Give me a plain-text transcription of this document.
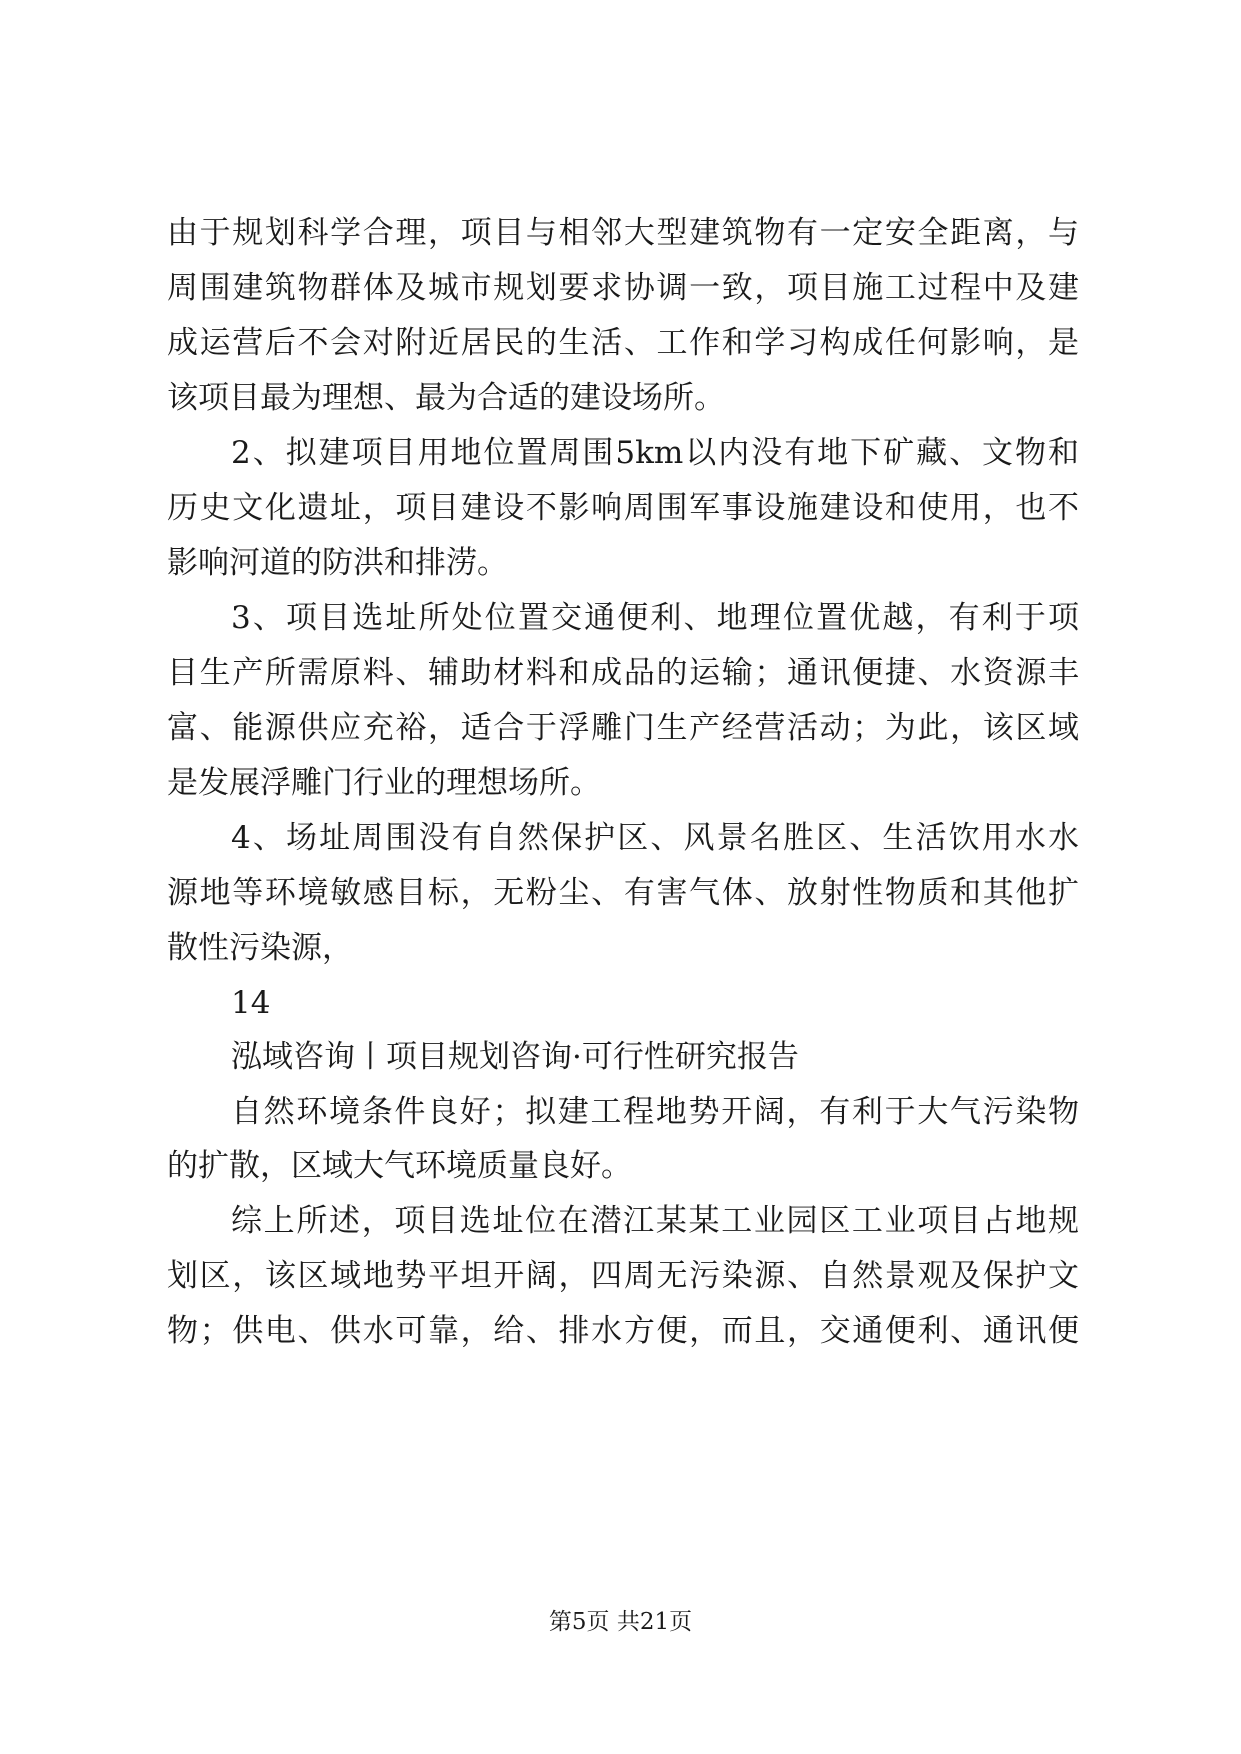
由于规划科学合理，项目与相邻大型建筑物有一定安全距离，与
周围建筑物群体及城市规划要求协调一致，项目施工过程中及建
成运营后不会对附近居民的生活、工作和学习构成任何影响，是
该项目最为理想、最为合适的建设场所。
2、拟建项目用地位置周围5km以内没有地下矿藏、文物和
历史文化遗址，项目建设不影响周围军事设施建设和使用，也不
影响河道的防洪和排涝。
3、项目选址所处位置交通便利、地理位置优越，有利于项
目生产所需原料、辅助材料和成品的运输；通讯便捷、水资源丰
富、能源供应充裕，适合于浮雕门生产经营活动；为此，该区域
是发展浮雕门行业的理想场所。
4、场址周围没有自然保护区、风景名胜区、生活饮用水水
源地等环境敏感目标，无粉尘、有害气体、放射性物质和其他扩
散性污染源，
14
泓域咨询丨项目规划咨询·可行性研究报告
自然环境条件良好；拟建工程地势开阔，有利于大气污染物
的扩散，区域大气环境质量良好。
综上所述，项目选址位在潜江某某工业园区工业项目占地规
划区，该区域地势平坦开阔，四周无污染源、自然景观及保护文
物；供电、供水可靠，给、排水方便，而且，交通便利、通讯便
第5页 共21页
